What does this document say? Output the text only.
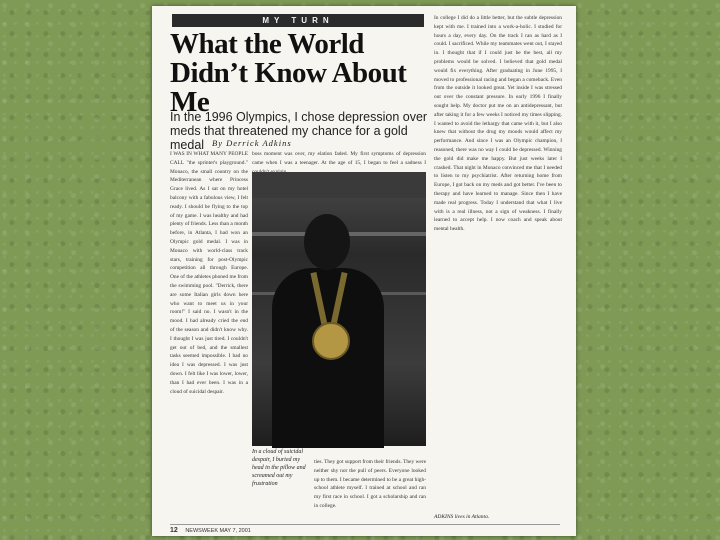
MY TURN
What the World Didn’t Know About Me
In the 1996 Olympics, I chose depression over meds that threatened my chance for a gold medal By Derrick Adkins

I WAS IN WHAT MANY PEOPLE CALL "the sprinter's playground." Monaco, the small country on the Mediterranean where Princess Grace lived. As I sat on my hotel balcony with a fabulous view, I felt ready. I should be flying to the top of my game. I was healthy and had plenty of friends. Less than a month before, in Atlanta, I had won an Olympic gold medal. I was in Monaco with world-class track stars, training for post-Olympic competition all through Europe. One of the athletes phoned me from the swimming pool. "Derrick, there are some Italian girls down here who want to meet us in your room!" I said no. I wasn't in the mood. I had already cried the end of the season and didn't know why. I thought I was just tired. I couldn't get out of bed, and the smallest tasks seemed impossible. I had no idea I was depressed. I was just down. I felt like I was lower, lower, than I had ever been. I was in a cloud of suicidal despair.

boss moment was over, my elation faded. My first symptoms of depression came when I was a teenager. At the age of 15, I began to feel a sadness I

In a cloud of suicidal despair, I buried my head in the pillow and screamed out my frustration

ties. They got support from their friends. They were neither shy nor the pull of peers. Everyone looked up to them. I became determined to be a great high-school athlete myself. I trained at school and ran my first race in school. I got a scholarship and ran in college.

In college I did do a little better, but the subtle depression kept with me. I trained into a work-a-holic. I studied for hours a day, every day. On the track I ran as hard as I could. I sacrificed. While my teammates went out, I stayed in. I thought that if I could just be the best, all my problems would be solved. I believed that gold medal would fix everything. After graduating in June 1995, I moved to professional racing and began a comeback. Even from the outside it looked great. Yet inside I was stressed out over the constant pressure. In early 1996 I finally sought help. My doctor put me on an antidepressant, but after taking it for a few weeks I noticed my times slipping. I wanted to avoid the lethargy that came with it, but I also knew that without the drug my moods would affect my performance. And since I was an Olympic champion, I reasoned, there was no way I could be depressed. Winning the gold did make me happy. But just weeks later I crashed. That night in Monaco convinced me that I needed to listen to my psychiatrist. After returning home from Europe, I got back on my meds and got better. I've been to therapy and have learned to manage. Since then I have made real progress. Today I understand that what I live with is a real illness, not a sign of weakness. I finally learned to accept help. I now coach and speak about mental health.

ADKINS lives in Atlanta.
12 NEWSWEEK MAY 7, 2001
